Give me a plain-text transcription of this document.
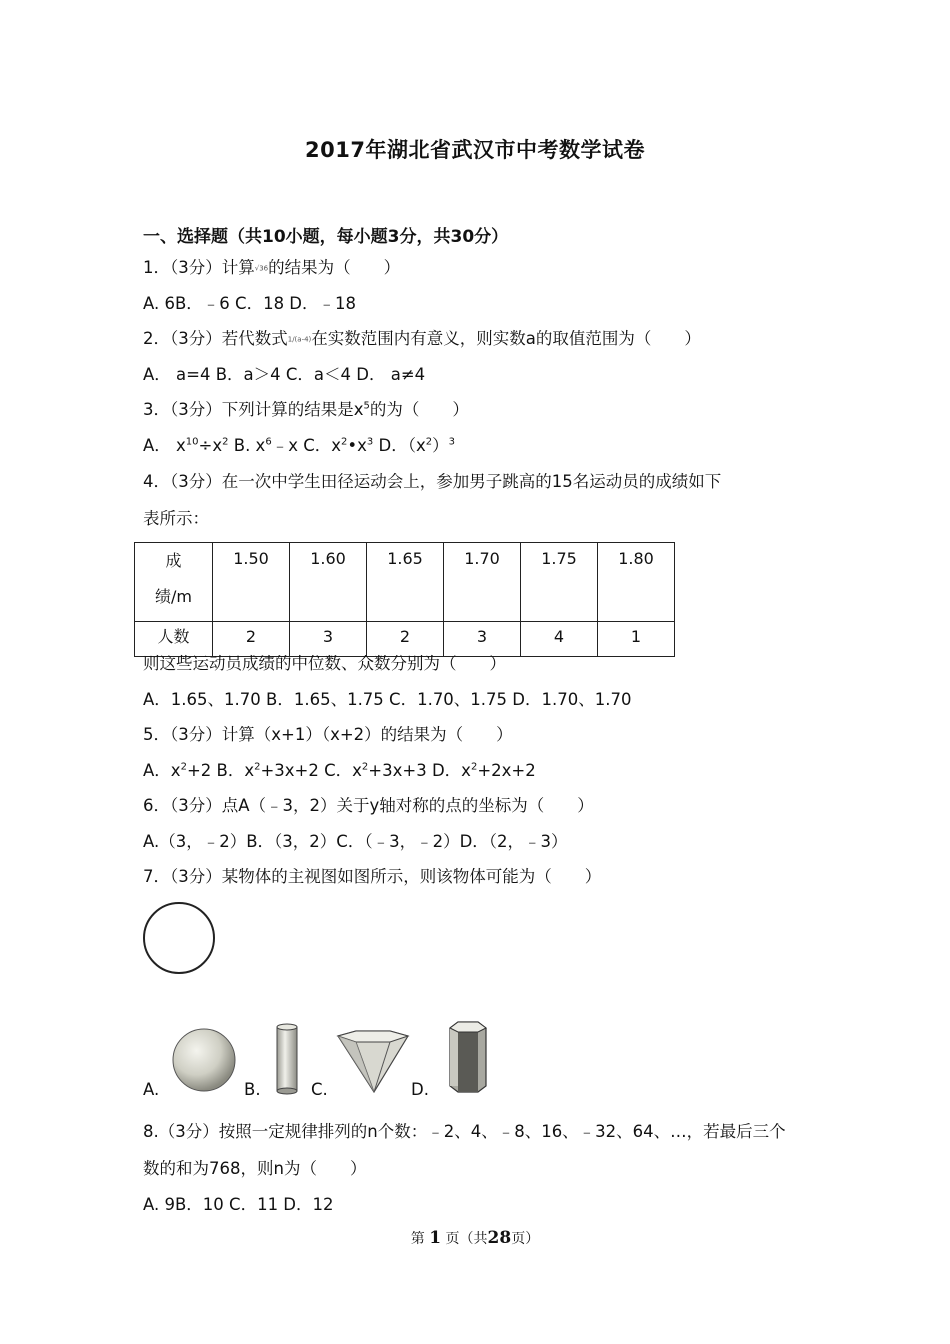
2017年湖北省武汉市中考数学试卷
一、选择题（共10小题，每小题3分，共30分）
1．（3分）计算√36的结果为（　　）
A. 6B．﹣6 C．18 D．﹣18
2．（3分）若代数式1/(a-4)在实数范围内有意义，则实数a的取值范围为（　　）
A． a=4 B．a＞4 C．a＜4 D． a≠4
3．（3分）下列计算的结果是$x^5$的为（　　）
A． $x^{10}\div x^2$ B. $x^6﹣x$ C．$x^2•x^3$ D．$(x^2)^3$
4．（3分）在一次中学生田径运动会上，参加男子跳高的15名运动员的成绩如下
表所示：
成
绩/m	1.50	1.60	1.65	1.70	1.75	1.80
人数	2	3	2	3	4	1
则这些运动员成绩的中位数、众数分别为（　　）
A．1.65、1.70 B．1.65、1.75 C．1.70、1.75 D．1.70、1.70
5．（3分）计算（x+1）（x+2）的结果为（　　）
A．$x^2+2$ B．$x^2+3x+2$ C．$x^2+3x+3$ D．$x^2+2x+2$
6．（3分）点A（﹣3，2）关于y轴对称的点的坐标为（　　）
A.（3，﹣2）B．（3，2）C．（﹣3，﹣2）D．（2，﹣3）
7．（3分）某物体的主视图如图所示，则该物体可能为（　　）
A.	B.	C.	D.
8.（3分）按照一定规律排列的n个数：﹣2、4、﹣8、16、﹣32、64、…，若最后三个
数的和为768，则n为（　　）
A. 9B．10 C．11 D．12
第 1 页（共28页）
